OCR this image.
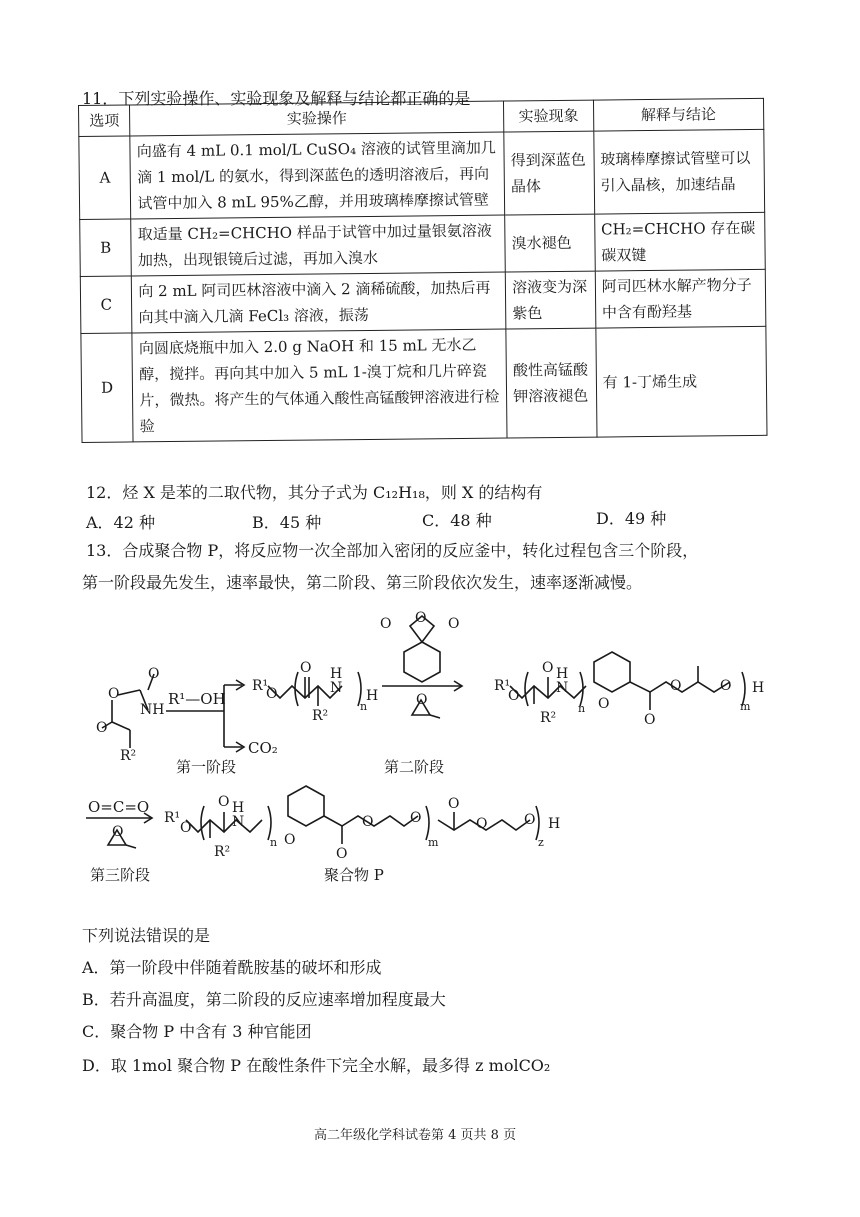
11．下列实验操作、实验现象及解释与结论都正确的是
选项	实验操作	实验现象	解释与结论
A	向盛有 4 mL 0.1 mol/L CuSO₄ 溶液的试管里滴加几滴 1 mol/L 的氨水，得到深蓝色的透明溶液后，再向试管中加入 8 mL 95%乙醇，并用玻璃棒摩擦试管壁	得到深蓝色晶体	玻璃棒摩擦试管壁可以引入晶核，加速结晶
B	取适量 CH₂=CHCHO 样品于试管中加过量银氨溶液加热，出现银镜后过滤，再加入溴水	溴水褪色	CH₂=CHCHO 存在碳碳双键
C	向 2 mL 阿司匹林溶液中滴入 2 滴稀硫酸，加热后再向其中滴入几滴 FeCl₃ 溶液，振荡	溶液变为深紫色	阿司匹林水解产物分子中含有酚羟基
D	向圆底烧瓶中加入 2.0 g NaOH 和 15 mL 无水乙醇，搅拌。再向其中加入 5 mL 1-溴丁烷和几片碎瓷片，微热。将产生的气体通入酸性高锰酸钾溶液进行检验	酸性高锰酸钾溶液褪色	有 1-丁烯生成
12．烃 X 是苯的二取代物，其分子式为 C₁₂H₁₈，则 X 的结构有
A．42 种	B．45 种	C．48 种	D．49 种
13．合成聚合物 P，将反应物一次全部加入密闭的反应釜中，转化过程包含三个阶段，
第一阶段最先发生，速率最快，第二阶段、第三阶段依次发生，速率逐渐减慢。
O
O
O
NH
R²
R¹—OH
CO₂
第一阶段
R¹
O
O H
N
R²
n
H
O O O
O
第二阶段
R¹
O
O H
N
R²
n O
O
O	O
m
H
O=C=O
O
第三阶段
R¹
O
O H
N
R²
n O
O
O	O
m
O
O	O
z
H
聚合物 P
下列说法错误的是
A．第一阶段中伴随着酰胺基的破坏和形成
B．若升高温度，第二阶段的反应速率增加程度最大
C．聚合物 P 中含有 3 种官能团
D．取 1mol 聚合物 P 在酸性条件下完全水解，最多得 z molCO₂
高二年级化学科试卷第 4 页共 8 页
